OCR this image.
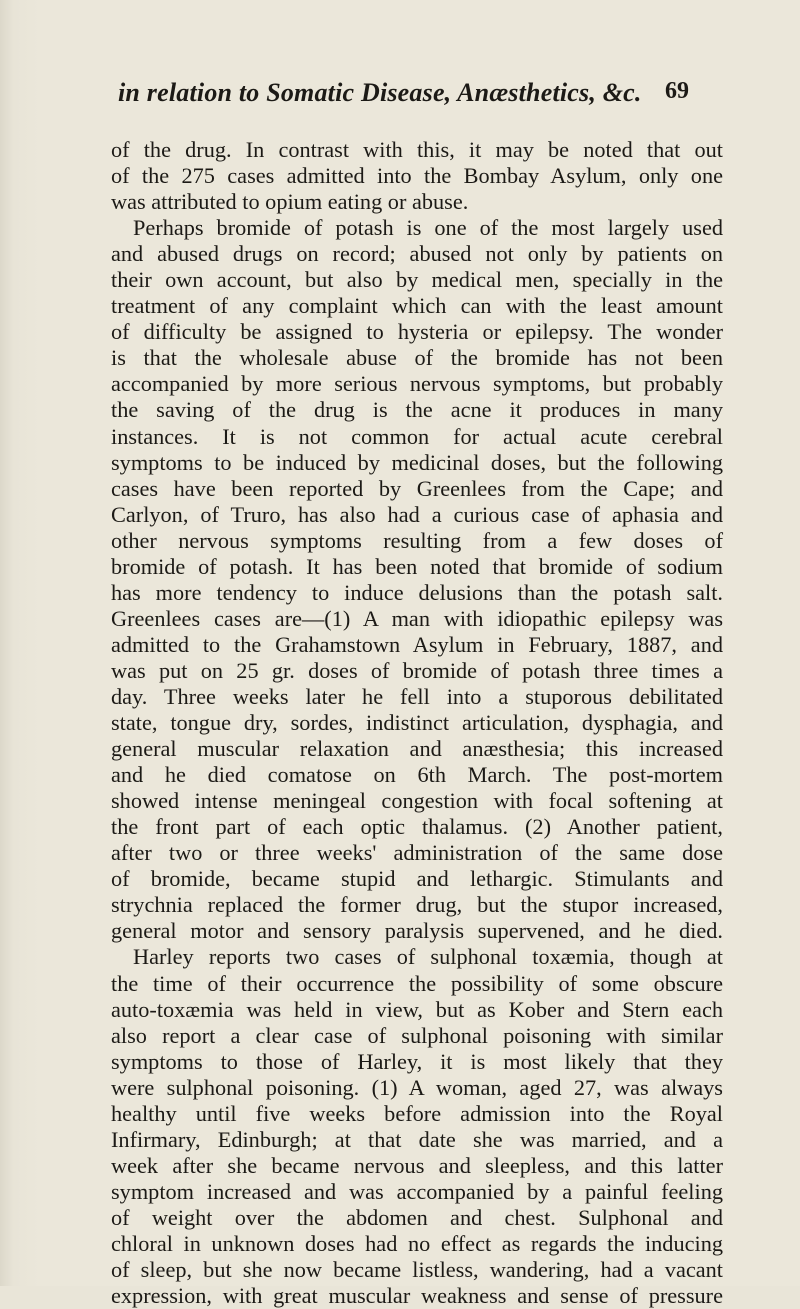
in relation to Somatic Disease, Anæsthetics, &c. 69
of the drug. In contrast with this, it may be noted that out
of the 275 cases admitted into the Bombay Asylum, only one
was attributed to opium eating or abuse.
Perhaps bromide of potash is one of the most largely used
and abused drugs on record; abused not only by patients on
their own account, but also by medical men, specially in the
treatment of any complaint which can with the least amount
of difficulty be assigned to hysteria or epilepsy. The wonder
is that the wholesale abuse of the bromide has not been
accompanied by more serious nervous symptoms, but probably
the saving of the drug is the acne it produces in many
instances. It is not common for actual acute cerebral
symptoms to be induced by medicinal doses, but the following
cases have been reported by Greenlees from the Cape; and
Carlyon, of Truro, has also had a curious case of aphasia and
other nervous symptoms resulting from a few doses of
bromide of potash. It has been noted that bromide of sodium
has more tendency to induce delusions than the potash salt.
Greenlees cases are—(1) A man with idiopathic epilepsy was
admitted to the Grahamstown Asylum in February, 1887, and
was put on 25 gr. doses of bromide of potash three times a
day. Three weeks later he fell into a stuporous debilitated
state, tongue dry, sordes, indistinct articulation, dysphagia, and
general muscular relaxation and anæsthesia; this increased
and he died comatose on 6th March. The post-mortem
showed intense meningeal congestion with focal softening at
the front part of each optic thalamus. (2) Another patient,
after two or three weeks' administration of the same dose
of bromide, became stupid and lethargic. Stimulants and
strychnia replaced the former drug, but the stupor increased,
general motor and sensory paralysis supervened, and he died.
Harley reports two cases of sulphonal toxæmia, though at
the time of their occurrence the possibility of some obscure
auto-toxæmia was held in view, but as Kober and Stern each
also report a clear case of sulphonal poisoning with similar
symptoms to those of Harley, it is most likely that they
were sulphonal poisoning. (1) A woman, aged 27, was always
healthy until five weeks before admission into the Royal
Infirmary, Edinburgh; at that date she was married, and a
week after she became nervous and sleepless, and this latter
symptom increased and was accompanied by a painful feeling
of weight over the abdomen and chest. Sulphonal and
chloral in unknown doses had no effect as regards the inducing
of sleep, but she now became listless, wandering, had a vacant
expression, with great muscular weakness and sense of pressure
